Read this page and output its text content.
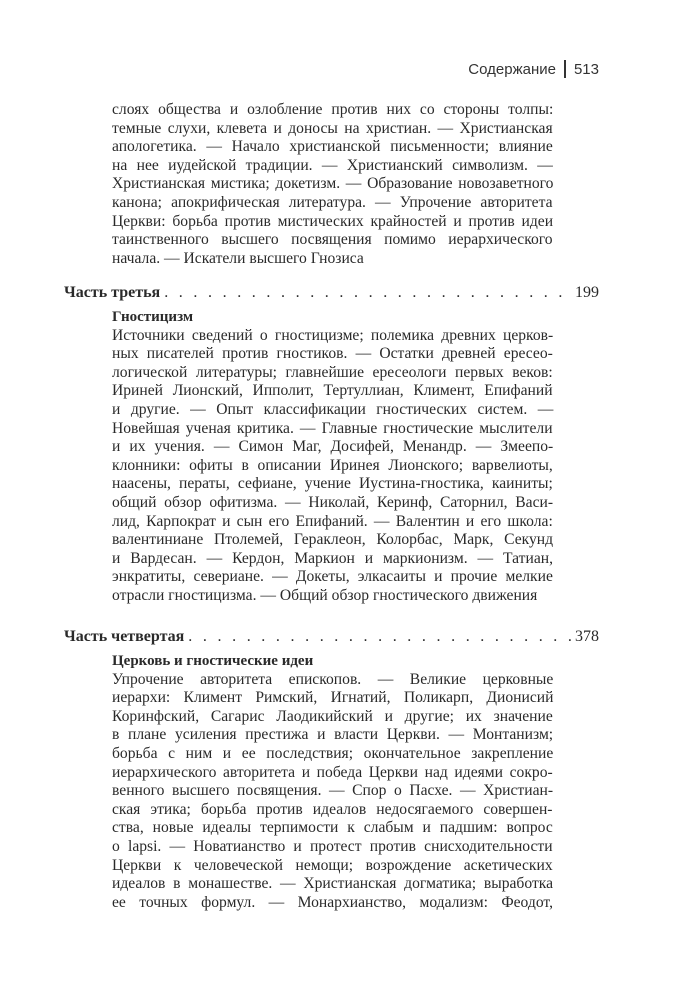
Содержание 513
слоях общества и озлобление против них со стороны толпы:
темные слухи, клевета и доносы на христиан. — Христианская
апологетика. — Начало христианской письменности; влияние
на нее иудейской традиции. — Христианский символизм. —
Христианская мистика; докетизм. — Образование новозаветного
канона; апокрифическая литература. — Упрочение авторитета
Церкви: борьба против мистических крайностей и против идеи
таинственного высшего посвящения помимо иерархического
начала. — Искатели высшего Гнозиса
Часть третья . . .	199
Гностицизм
Источники сведений о гностицизме; полемика древних церков-
ных писателей против гностиков. — Остатки древней ересео-
логической литературы; главнейшие ересеологи первых веков:
Ириней Лионский, Ипполит, Тертуллиан, Климент, Епифаний
и другие. — Опыт классификации гностических систем. —
Новейшая ученая критика. — Главные гностические мыслители
и их учения. — Симон Маг, Досифей, Менандр. — Змеепо-
клонники: офиты в описании Иринея Лионского; варвелиоты,
наасены, ператы, сефиане, учение Иустина-гностика, каиниты;
общий обзор офитизма. — Николай, Керинф, Саторнил, Васи-
лид, Карпократ и сын его Епифаний. — Валентин и его школа:
валентиниане Птолемей, Гераклеон, Колорбас, Марк, Секунд
и Вардесан. — Кердон, Маркион и маркионизм. — Татиан,
энкратиты, севериане. — Докеты, элкасаиты и прочие мелкие
отрасли гностицизма. — Общий обзор гностического движения
Часть четвертая . . .	378
Церковь и гностические идеи
Упрочение авторитета епископов. — Великие церковные
иерархи: Климент Римский, Игнатий, Поликарп, Дионисий
Коринфский, Сагарис Лаодикийский и другие; их значение
в плане усиления престижа и власти Церкви. — Монтанизм;
борьба с ним и ее последствия; окончательное закрепление
иерархического авторитета и победа Церкви над идеями сокро-
венного высшего посвящения. — Спор о Пасхе. — Христиан-
ская этика; борьба против идеалов недосягаемого совершен-
ства, новые идеалы терпимости к слабым и падшим: вопрос
о lapsi. — Новатианство и протест против снисходительности
Церкви к человеческой немощи; возрождение аскетических
идеалов в монашестве. — Христианская догматика; выработка
ее точных формул. — Монархианство, модализм: Феодот,
